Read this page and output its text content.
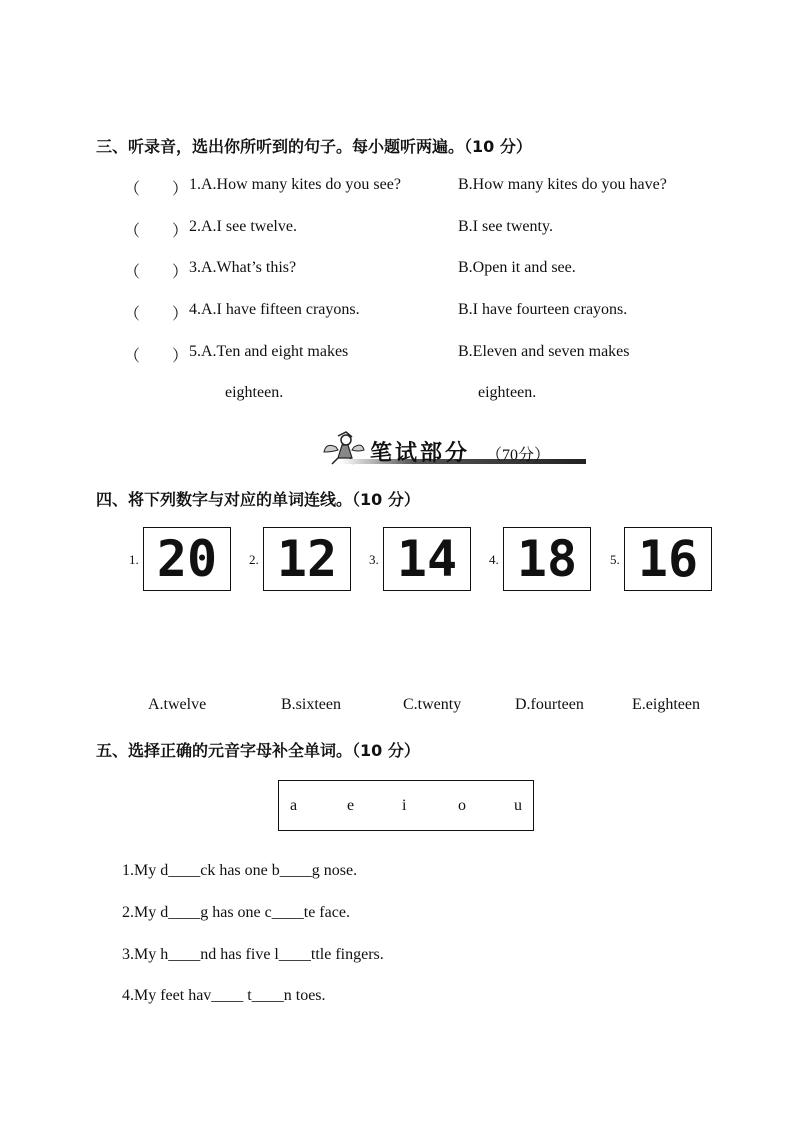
三、听录音，选出你所听到的句子。每小题听两遍。（10 分）
（　　） 1.A.How many kites do you see?	B.How many kites do you have?
（　　） 2.A.I see twelve.	B.I see twenty.
（　　） 3.A.What’s this?	B.Open it and see.
（　　） 4.A.I have fifteen crayons.	B.I have fourteen crayons.
（　　） 5.A.Ten and eight makes	B.Eleven and seven makes
eighteen.	eighteen.
笔试部分 （70分）
四、将下列数字与对应的单词连线。（10 分）
1. 20	2. 12	3. 14	4. 18	5. 16
A.twelve	B.sixteen	C.twenty	D.fourteen	E.eighteen
五、选择正确的元音字母补全单词。（10 分）
a	e	i	o	u
1.My d____ck has one b____g nose.
2.My d____g has one c____te face.
3.My h____nd has five l____ttle fingers.
4.My feet hav____ t____n toes.
